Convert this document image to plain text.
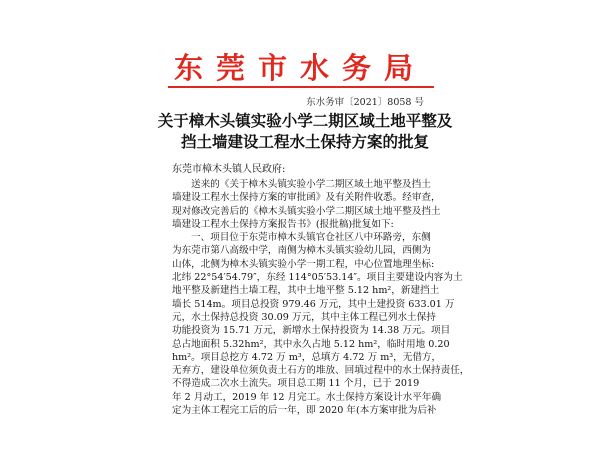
东莞市水务局
东水务审〔2021〕8058 号
关于樟木头镇实验小学二期区域土地平整及
挡土墙建设工程水土保持方案的批复
东莞市樟木头镇人民政府:
送来的《关于樟木头镇实验小学二期区域土地平整及挡土
墙建设工程水土保持方案的审批函》及有关附件收悉。经审查，
现对修改完善后的《樟木头镇实验小学二期区域土地平整及挡土
墙建设工程水土保持方案报告书》(报批稿)批复如下:
一、项目位于东莞市樟木头镇官仓社区八中环路旁，东侧
为东莞市第八高级中学，南侧为樟木头镇实验幼儿园，西侧为
山体，北侧为樟木头镇实验小学一期工程，中心位置地理坐标:
北纬 22°54′54.79″，东经 114°05′53.14″。项目主要建设内容为土
地平整及新建挡土墙工程，其中土地平整 5.12 hm²，新建挡土
墙长 514m。项目总投资 979.46 万元，其中土建投资 633.01 万
元，水土保持总投资 30.09 万元，其中主体工程已列水土保持
功能投资为 15.71 万元，新增水土保持投资为 14.38 万元。项目
总占地面积 5.32hm²，其中永久占地 5.12 hm²，临时用地 0.20
hm²。项目总挖方 4.72 万 m³，总填方 4.72 万 m³，无借方，
无弃方，建设单位须负责土石方的堆放、回填过程中的水土保持责任，
不得造成二次水土流失。项目总工期 11 个月，已于 2019
年 2 月动工，2019 年 12 月完工。水土保持方案设计水平年确
定为主体工程完工后的后一年，即 2020 年(本方案审批为后补
